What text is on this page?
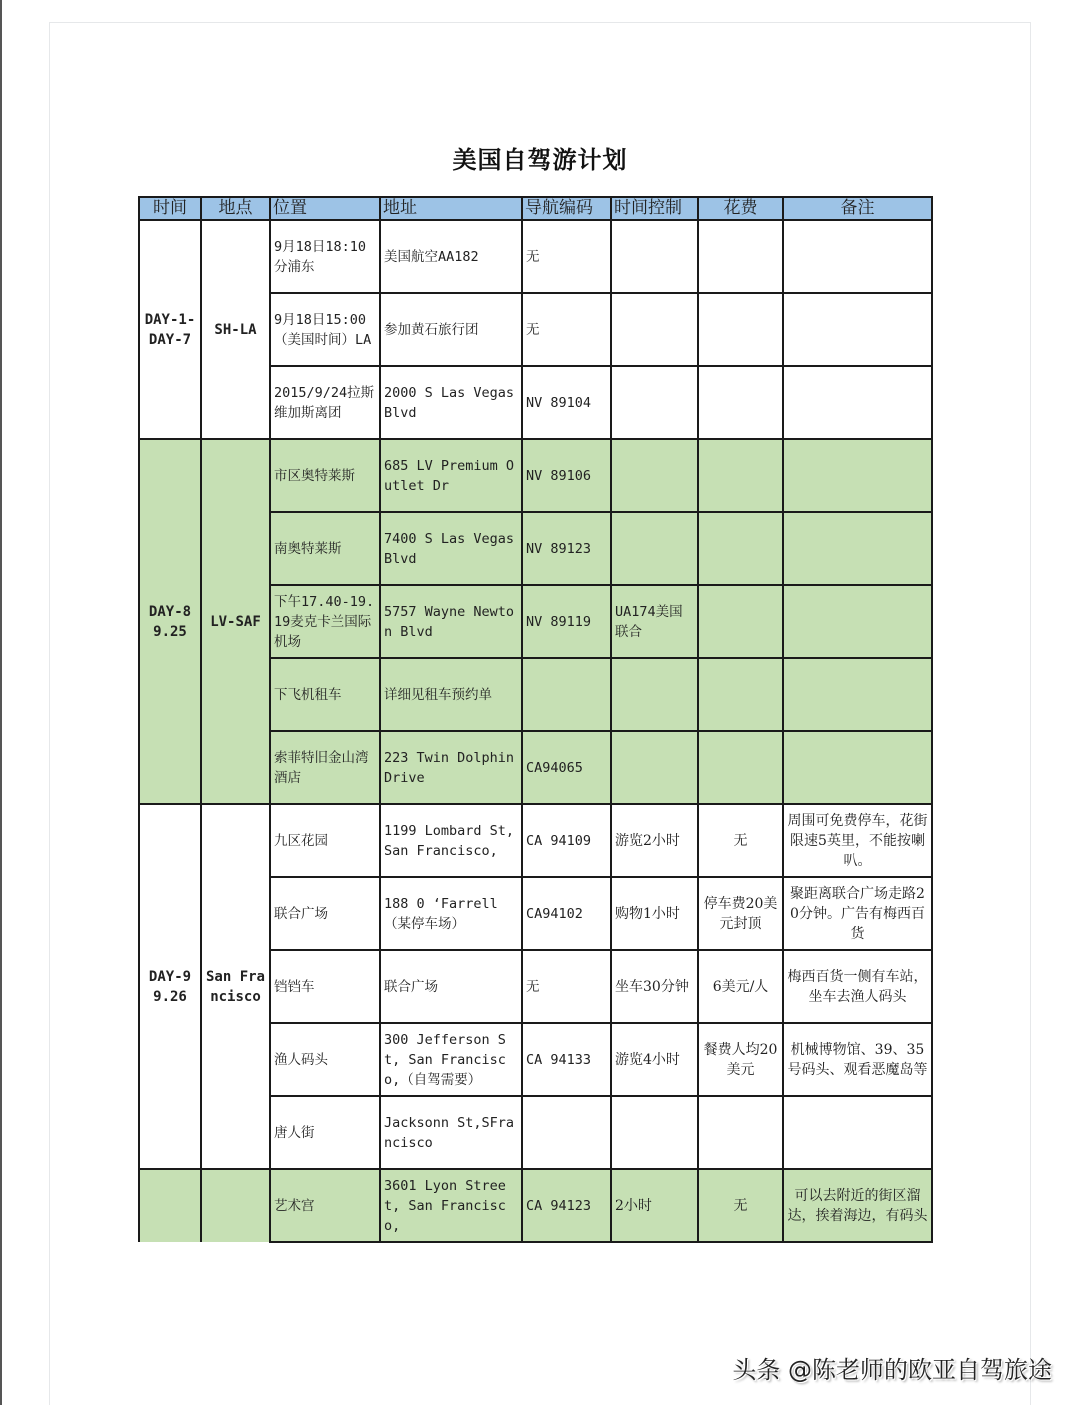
美国自驾游计划
时间	地点	位置	地址	导航编码	时间控制	花费	备注
DAY-1-DAY-7	SH-LA	9月18日18:10分浦东	美国航空AA182	无			
		9月18日15:00（美国时间）LA	参加黄石旅行团	无			
		2015/9/24拉斯维加斯离团	2000 S Las Vegas Blvd	NV 89104			
DAY-8 9.25	LV-SAF	市区奥特莱斯	685 LV Premium Outlet Dr	NV 89106			
		南奥特莱斯	7400 S Las Vegas Blvd	NV 89123			
		下午17.40-19.19麦克卡兰国际机场	5757 Wayne Newton Blvd	NV 89119	UA174美国联合		
		下飞机租车	详细见租车预约单				
		索菲特旧金山湾酒店	223 Twin Dolphin Drive	CA94065			
DAY-9 9.26	San Francisco	九区花园	1199 Lombard St, San Francisco,	CA 94109	游览2小时	无	周围可免费停车，花街限速5英里，不能按喇叭。
		联合广场	188 0 ‘Farrell（某停车场）	CA94102	购物1小时	停车费20美元封顶	聚距离联合广场走路20分钟。广告有梅西百货
		铛铛车	联合广场	无	坐车30分钟	6美元/人	梅西百货一侧有车站，坐车去渔人码头
		渔人码头	300 Jefferson St, San Francisco,（自驾需要）	CA 94133	游览4小时	餐费人均20美元	机械博物馆、39、35号码头、观看恶魔岛等
		唐人街	Jacksonn St,SFrancisco				
		艺术宫	3601 Lyon Street, San Francisco,	CA 94123	2小时	无	可以去附近的街区溜达，挨着海边，有码头
头条 @陈老师的欧亚自驾旅途
